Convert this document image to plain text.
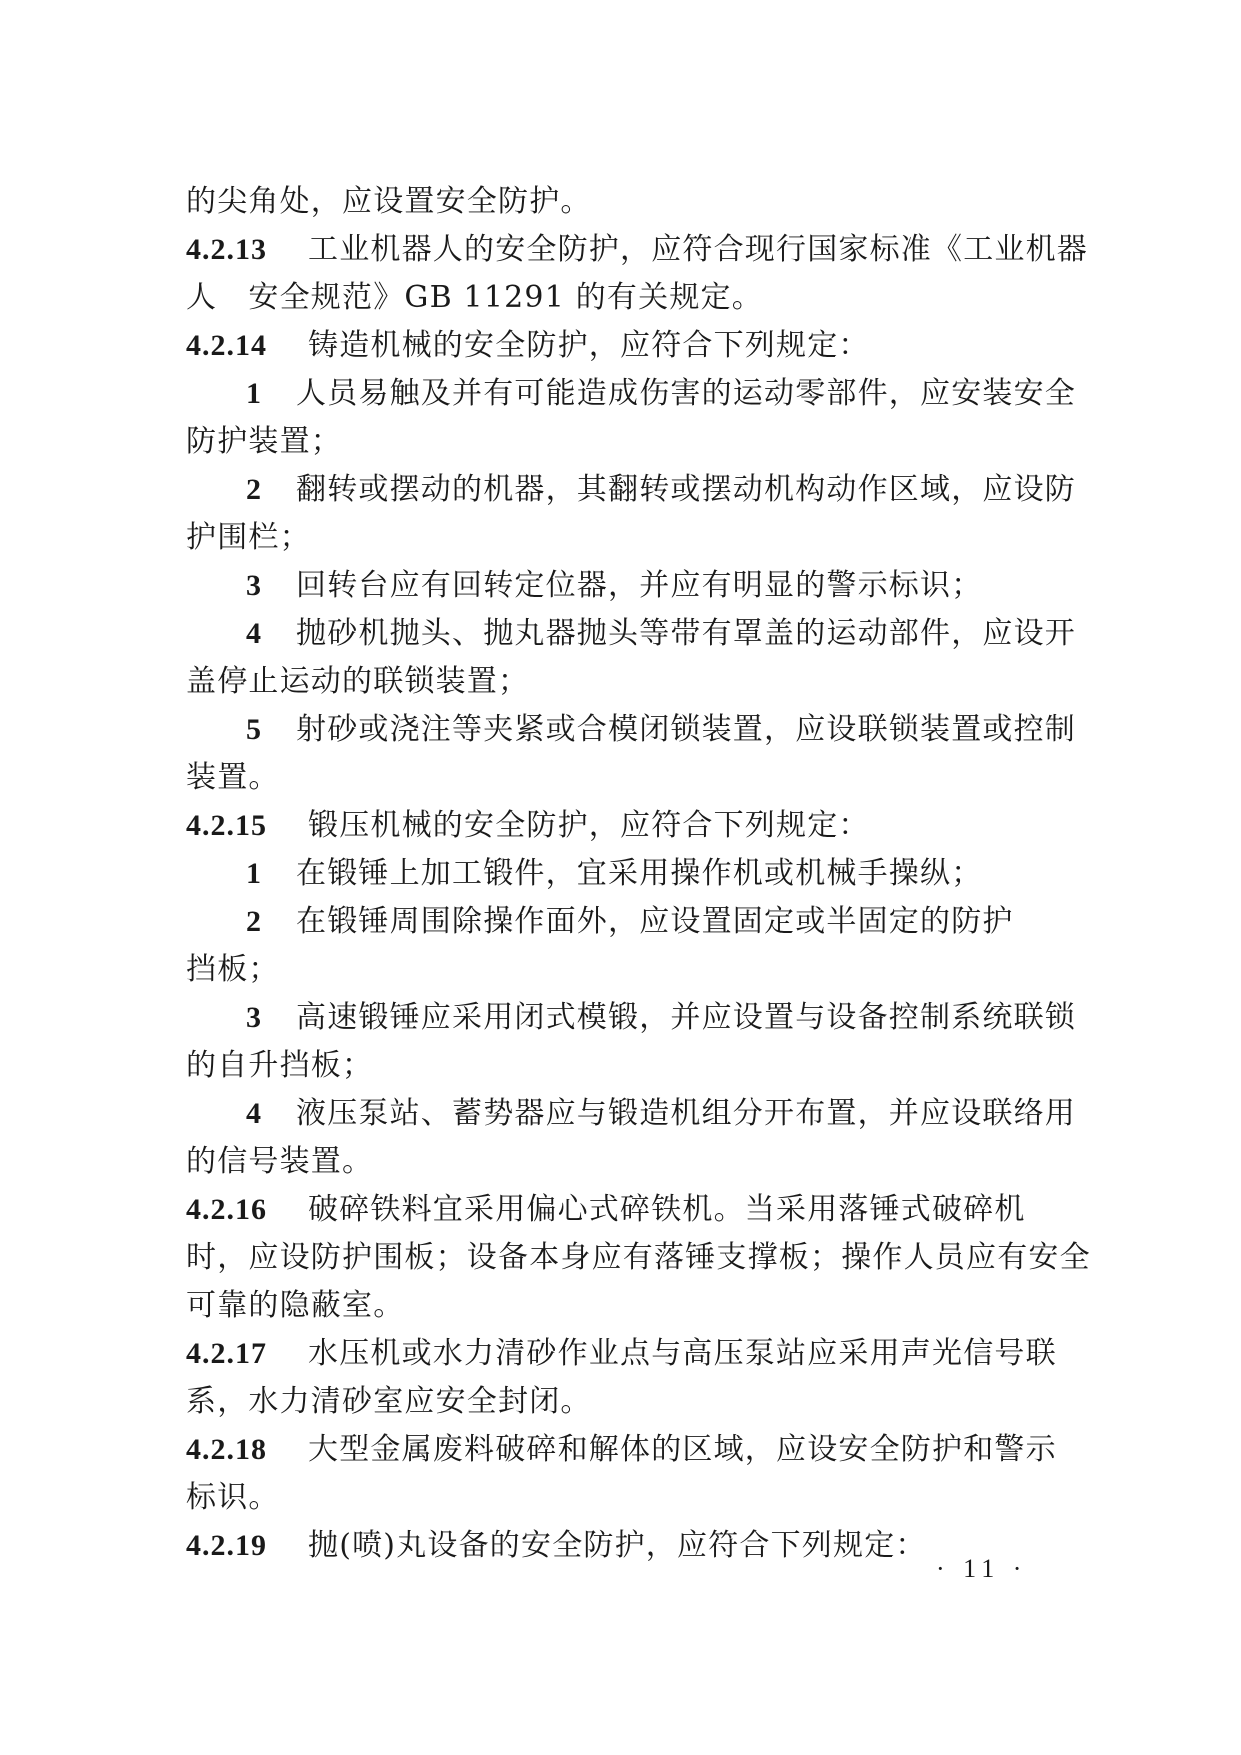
的尖角处，应设置安全防护。
4.2.13 工业机器人的安全防护，应符合现行国家标准《工业机器
人　安全规范》GB 11291 的有关规定。
4.2.14 铸造机械的安全防护，应符合下列规定：
1 人员易触及并有可能造成伤害的运动零部件，应安装安全
防护装置；
2 翻转或摆动的机器，其翻转或摆动机构动作区域，应设防
护围栏；
3 回转台应有回转定位器，并应有明显的警示标识；
4 抛砂机抛头、抛丸器抛头等带有罩盖的运动部件，应设开
盖停止运动的联锁装置；
5 射砂或浇注等夹紧或合模闭锁装置，应设联锁装置或控制
装置。
4.2.15 锻压机械的安全防护，应符合下列规定：
1 在锻锤上加工锻件，宜采用操作机或机械手操纵；
2 在锻锤周围除操作面外，应设置固定或半固定的防护
挡板；
3 高速锻锤应采用闭式模锻，并应设置与设备控制系统联锁
的自升挡板；
4 液压泵站、蓄势器应与锻造机组分开布置，并应设联络用
的信号装置。
4.2.16 破碎铁料宜采用偏心式碎铁机。当采用落锤式破碎机
时，应设防护围板；设备本身应有落锤支撑板；操作人员应有安全
可靠的隐蔽室。
4.2.17 水压机或水力清砂作业点与高压泵站应采用声光信号联
系，水力清砂室应安全封闭。
4.2.18 大型金属废料破碎和解体的区域，应设安全防护和警示
标识。
4.2.19 抛(喷)丸设备的安全防护，应符合下列规定：
· 11 ·
